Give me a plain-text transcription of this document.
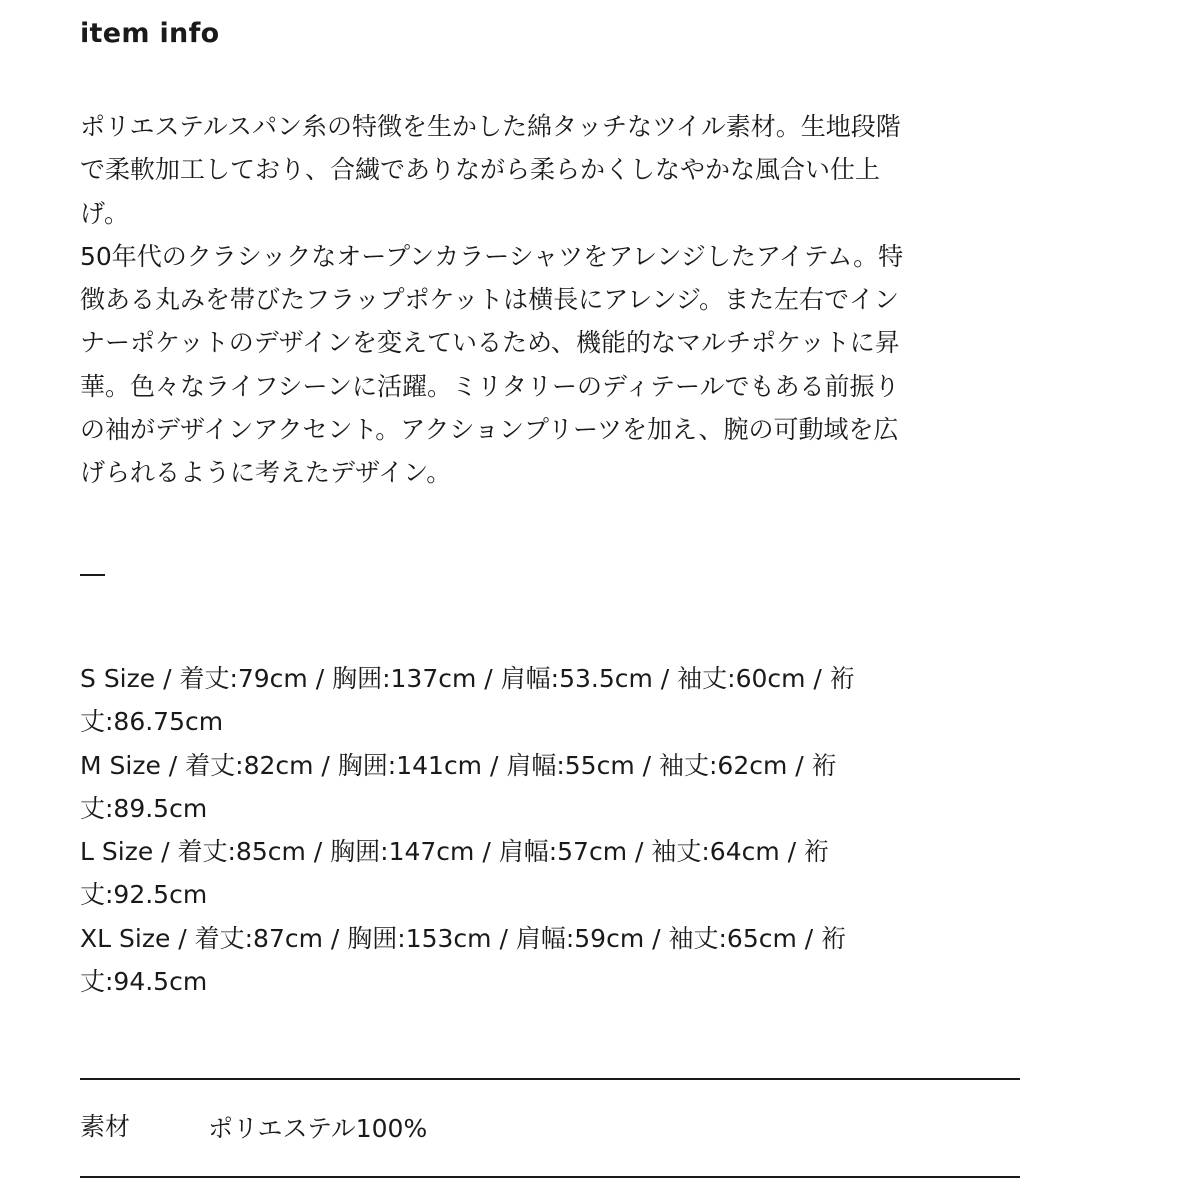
item info
ポリエステルスパン糸の特徴を生かした綿タッチなツイル素材。生地段階
で柔軟加工しており、合繊でありながら柔らかくしなやかな風合い仕上
げ。
50年代のクラシックなオープンカラーシャツをアレンジしたアイテム。特
徴ある丸みを帯びたフラップポケットは横長にアレンジ。また左右でイン
ナーポケットのデザインを変えているため、機能的なマルチポケットに昇
華。色々なライフシーンに活躍。ミリタリーのディテールでもある前振り
の袖がデザインアクセント。アクションプリーツを加え、腕の可動域を広
げられるように考えたデザイン。
S Size / 着丈:79cm / 胸囲:137cm / 肩幅:53.5cm / 袖丈:60cm / 裄
丈:86.75cm
M Size / 着丈:82cm / 胸囲:141cm / 肩幅:55cm / 袖丈:62cm / 裄
丈:89.5cm
L Size / 着丈:85cm / 胸囲:147cm / 肩幅:57cm / 袖丈:64cm / 裄
丈:92.5cm
XL Size / 着丈:87cm / 胸囲:153cm / 肩幅:59cm / 袖丈:65cm / 裄
丈:94.5cm
素材	ポリエステル100%
